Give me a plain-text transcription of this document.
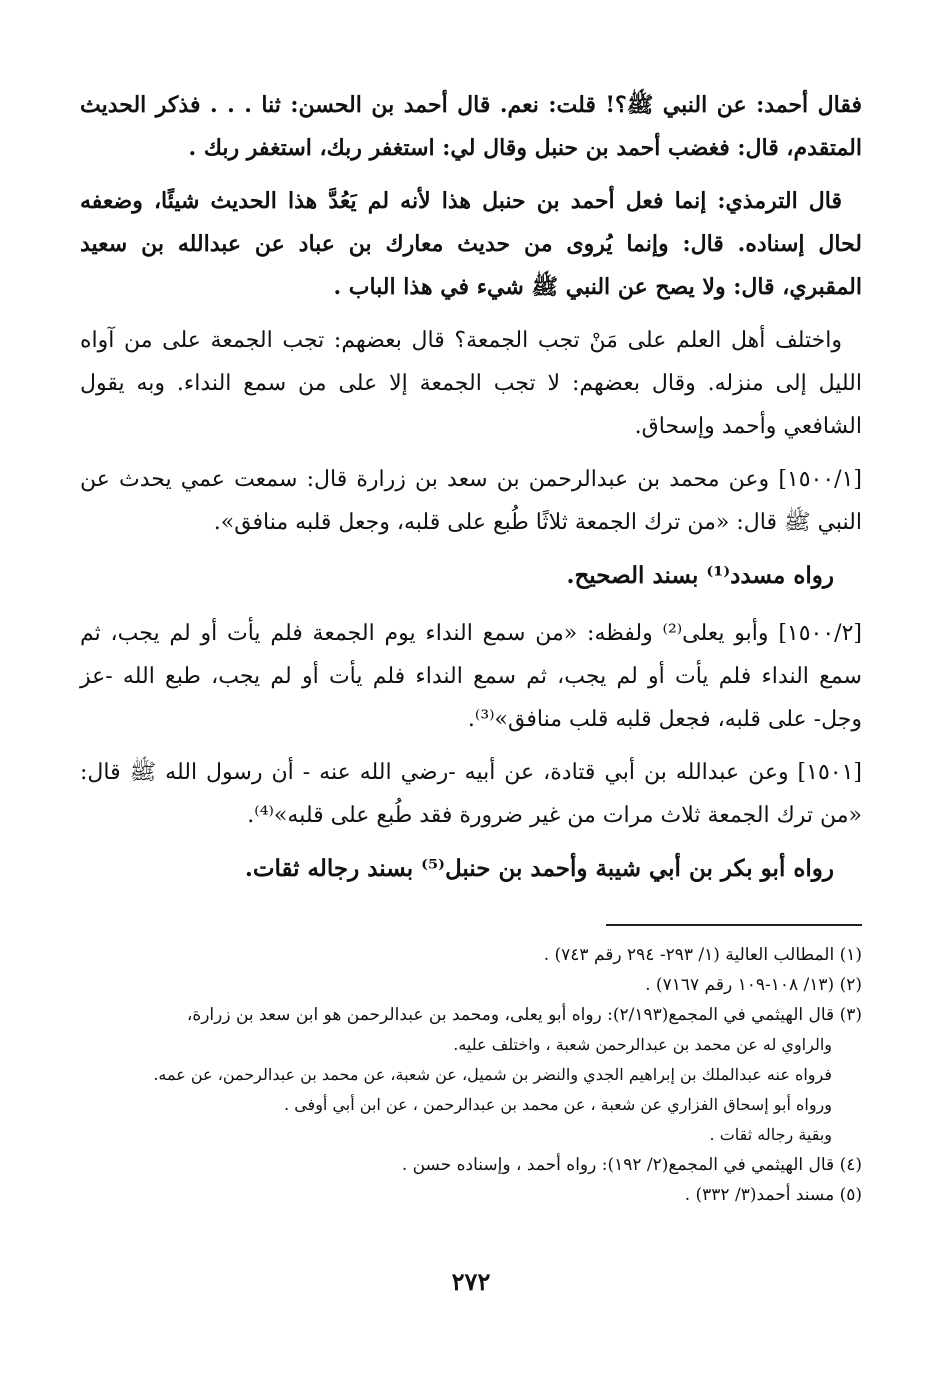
فقال أحمد: عن النبي ﷺ؟! قلت: نعم. قال أحمد بن الحسن: ثنا . . . فذكر الحديث المتقدم، قال: فغضب أحمد بن حنبل وقال لي: استغفر ربك، استغفر ربك .

قال الترمذي: إنما فعل أحمد بن حنبل هذا لأنه لم يَعُدَّ هذا الحديث شيئًا، وضعفه لحال إسناده. قال: وإنما يُروى من حديث معارك بن عباد عن عبدالله بن سعيد المقبري، قال: ولا يصح عن النبي ﷺ شيء في هذا الباب .

واختلف أهل العلم على مَنْ تجب الجمعة؟ قال بعضهم: تجب الجمعة على من آواه الليل إلى منزله. وقال بعضهم: لا تجب الجمعة إلا على من سمع النداء. وبه يقول الشافعي وأحمد وإسحاق.

[١٥٠٠/١] وعن محمد بن عبدالرحمن بن سعد بن زرارة قال: سمعت عمي يحدث عن النبي ﷺ قال: «من ترك الجمعة ثلاثًا طُبع على قلبه، وجعل قلبه منافق».

رواه مسدد⁽¹⁾ بسند الصحيح.

[١٥٠٠/٢] وأبو يعلى⁽²⁾ ولفظه: «من سمع النداء يوم الجمعة فلم يأت أو لم يجب، ثم سمع النداء فلم يأت أو لم يجب، ثم سمع النداء فلم يأت أو لم يجب، طبع الله -عز وجل- على قلبه، فجعل قلبه قلب منافق»⁽³⁾.

[١٥٠١] وعن عبدالله بن أبي قتادة، عن أبيه -رضي الله عنه - أن رسول الله ﷺ قال: «من ترك الجمعة ثلاث مرات من غير ضرورة فقد طُبع على قلبه»⁽⁴⁾.

رواه أبو بكر بن أبي شيبة وأحمد بن حنبل⁽⁵⁾ بسند رجاله ثقات.

(١) المطالب العالية (١/ ٢٩٣- ٢٩٤ رقم ٧٤٣) .

(٢) (١٣/ ١٠٨-١٠٩ رقم ٧١٦٧) .

(٣) قال الهيثمي في المجمع(٢/١٩٣): رواه أبو يعلى، ومحمد بن عبدالرحمن هو ابن سعد بن زرارة،

والراوي له عن محمد بن عبدالرحمن شعبة ، واختلف عليه.

فرواه عنه عبدالملك بن إبراهيم الجدي والنضر بن شميل، عن شعبة، عن محمد بن عبدالرحمن، عن عمه.

ورواه أبو إسحاق الفزاري عن شعبة ، عن محمد بن عبدالرحمن ، عن ابن أبي أوفى .

وبقية رجاله ثقات .

(٤) قال الهيثمي في المجمع(٢/ ١٩٢): رواه أحمد ، وإسناده حسن .

(٥) مسند أحمد(٣/ ٣٣٢) .

٢٧٢
